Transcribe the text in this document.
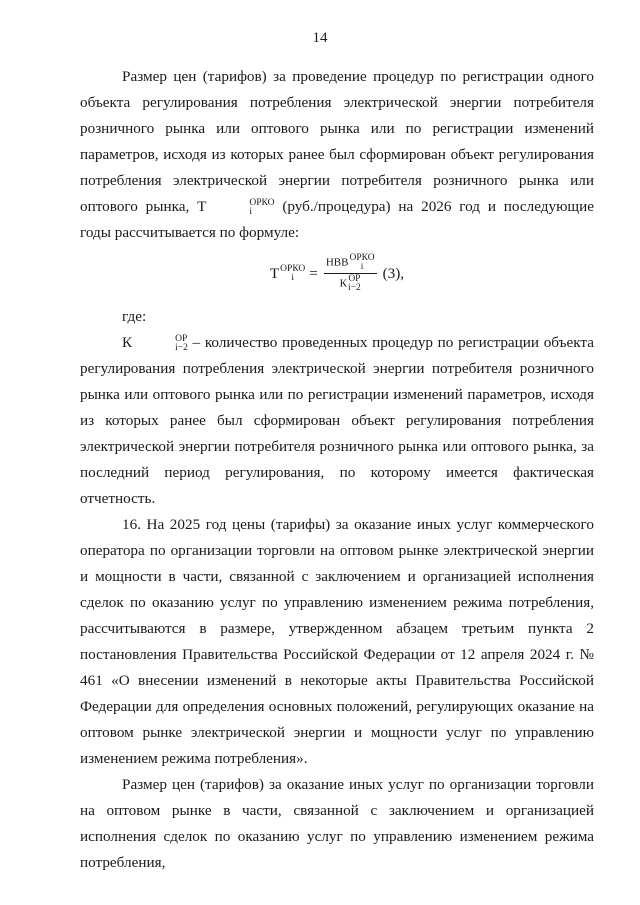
14

Размер цен (тарифов) за проведение процедур по регистрации одного объекта регулирования потребления электрической энергии потребителя розничного рынка или оптового рынка или по регистрации изменений параметров, исходя из которых ранее был сформирован объект регулирования потребления электрической энергии потребителя розничного рынка или оптового рынка, Т	ОРКО
i	(руб./процедура) на 2026 год и последующие годы рассчитывается по формуле:

Т ОРКО
i	= НВВ ОРКО
i
К ОР
i−2 (3),

где:

К	ОР
i−2 – количество проведенных процедур по регистрации объекта регулирования потребления электрической энергии потребителя розничного рынка или оптового рынка или по регистрации изменений параметров, исходя из которых ранее был сформирован объект регулирования потребления электрической энергии потребителя розничного рынка или оптового рынка, за последний период регулирования, по которому имеется фактическая отчетность.

16. На 2025 год цены (тарифы) за оказание иных услуг коммерческого оператора по организации торговли на оптовом рынке электрической энергии и мощности в части, связанной с заключением и организацией исполнения сделок по оказанию услуг по управлению изменением режима потребления, рассчитываются в размере, утвержденном абзацем третьим пункта 2 постановления Правительства Российской Федерации от 12 апреля 2024 г. № 461 «О внесении изменений в некоторые акты Правительства Российской Федерации для определения основных положений, регулирующих оказание на оптовом рынке электрической энергии и мощности услуг по управлению изменением режима потребления».

Размер цен (тарифов) за оказание иных услуг по организации торговли на оптовом рынке в части, связанной с заключением и организацией исполнения сделок по оказанию услуг по управлению изменением режима потребления,
